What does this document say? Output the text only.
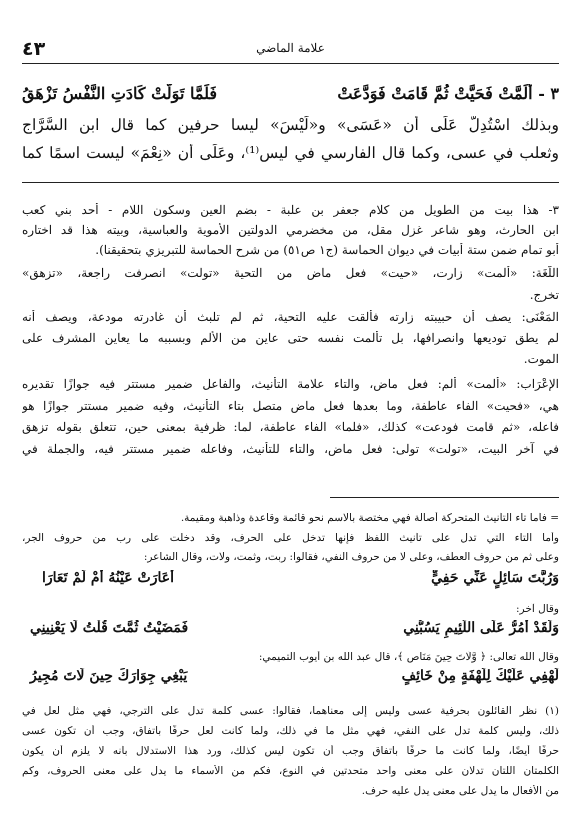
٤٣	علامة الماضي
٣ - أَلَمَّتْ فَحَيَّتْ ثُمَّ قَامَتْ فَوَدَّعَتْ
فَلَمَّا تَوَلَّتْ كَادَتِ النَّفْسُ تَزْهَقُ
وبذلك اسْتُدِلَّ عَلَى أن «عَسَى» و«لَيْسَ» ليسا حرفين كما قال ابن السَّرَّاج
وثعلب في عسى، وكما قال الفارسي في ليس⁽¹⁾، وعَلَى أن «نِعْمَ» ليست اسمًا كما
٣- هذا بيت من الطويل من كلام جعفر بن علبة - بضم العين وسكون اللام - أحد بني كعب
ابن الحارث، وهو شاعر غزل مقل، من مخضرمي الدولتين الأموية والعباسية، وبيته هذا قد اختاره
أبو تمام ضمن ستة أبيات في ديوان الحماسة (ج١ ص٥١) من شرح الحماسة للتبريزي بتحقيقنا).
اللُّغَة: «ألمت» زارت، «حيت» فعل ماض من التحية «تولت» انصرفت راجعة، «تزهق»
تخرج.
المَعْنَى: يصف أن حبيبته زارته فألقت عليه التحية، ثم لم تلبث أن غادرته مودعة، ويصف أنه
لم يطق توديعها وانصرافها، بل تألمت نفسه حتى عاين من الألم وبسببه ما يعاين المشرف على
الموت.
الإعْرَاب: «ألمت» ألم: فعل ماض، والتاء علامة التأنيث، والفاعل ضمير مستتر فيه جوازًا تقديره
هي، «فحيت» الفاء عاطفة، وما بعدها فعل ماض متصل بتاء التأنيث، وفيه ضمير مستتر جوازًا هو
فاعله، «ثم قامت فودعت» كذلك، «فلما» الفاء عاطفة، لما: ظرفية بمعنى حين، تتعلق بقوله تزهق
في آخر البيت، «تولت» تولى: فعل ماض، والتاء للتأنيث، وفاعله ضمير مستتر فيه، والجملة في
= فأما تاء التأنيث المتحركة أصالة فهي مختصة بالاسم نحو قائمة وقاعدة وذاهبة ومقيمة.
وأما التاء التي تدل على تأنيث اللفظ فإنها تدخل على الحرف، وقد دخلت على رب من حروف الجر،
وعلى ثم من حروف العطف، وعلى لا من حروف النفي، فقالوا: ربت، وثمت، ولات، وقال الشاعر:
وَرُبَّتَ سَائِلٍ عَنِّي حَفِيٍّ
أَعَارَتْ عَيْنُهُ أَمْ لَمْ تَعَارَا
وقال آخر:
وَلَقَدْ أَمُرُّ عَلَى اللَّئِيمِ يَسُبُّنِي
فَمَضَيْتُ ثُمَّتَ قُلْتُ لَا يَعْنِينِي
وقال الله تعالى: ﴿ وَّلَاتَ حِينَ مَنَاصٍ ﴾، قال عبد الله بن أيوب التميمي:
لَهْفِي عَلَيْكَ لِلَهْفَةٍ مِنْ خَائِفٍ
يَبْغِي جِوَارَكَ حِينَ لَاتَ مُجِيرُ
(١) نظر القائلون بحرفية عسى وليس إلى معناهما، فقالوا: عسى كلمة تدل على الترجي، فهي مثل لعل في
ذلك، وليس كلمة تدل على النفي، فهي مثل ما في ذلك، ولما كانت لعل حرفًا باتفاق، وجب أن تكون عسى
حرفًا أيضًا، ولما كانت ما حرفًا باتفاق وجب أن تكون ليس كذلك، ورد هذا الاستدلال بأنه لا يلزم أن يكون
الكلمتان اللتان تدلان على معنى واحد متحدتين في النوع، فكم من الأسماء ما يدل على معنى الحروف، وكم
من الأفعال ما يدل على معنى يدل عليه حرف.
